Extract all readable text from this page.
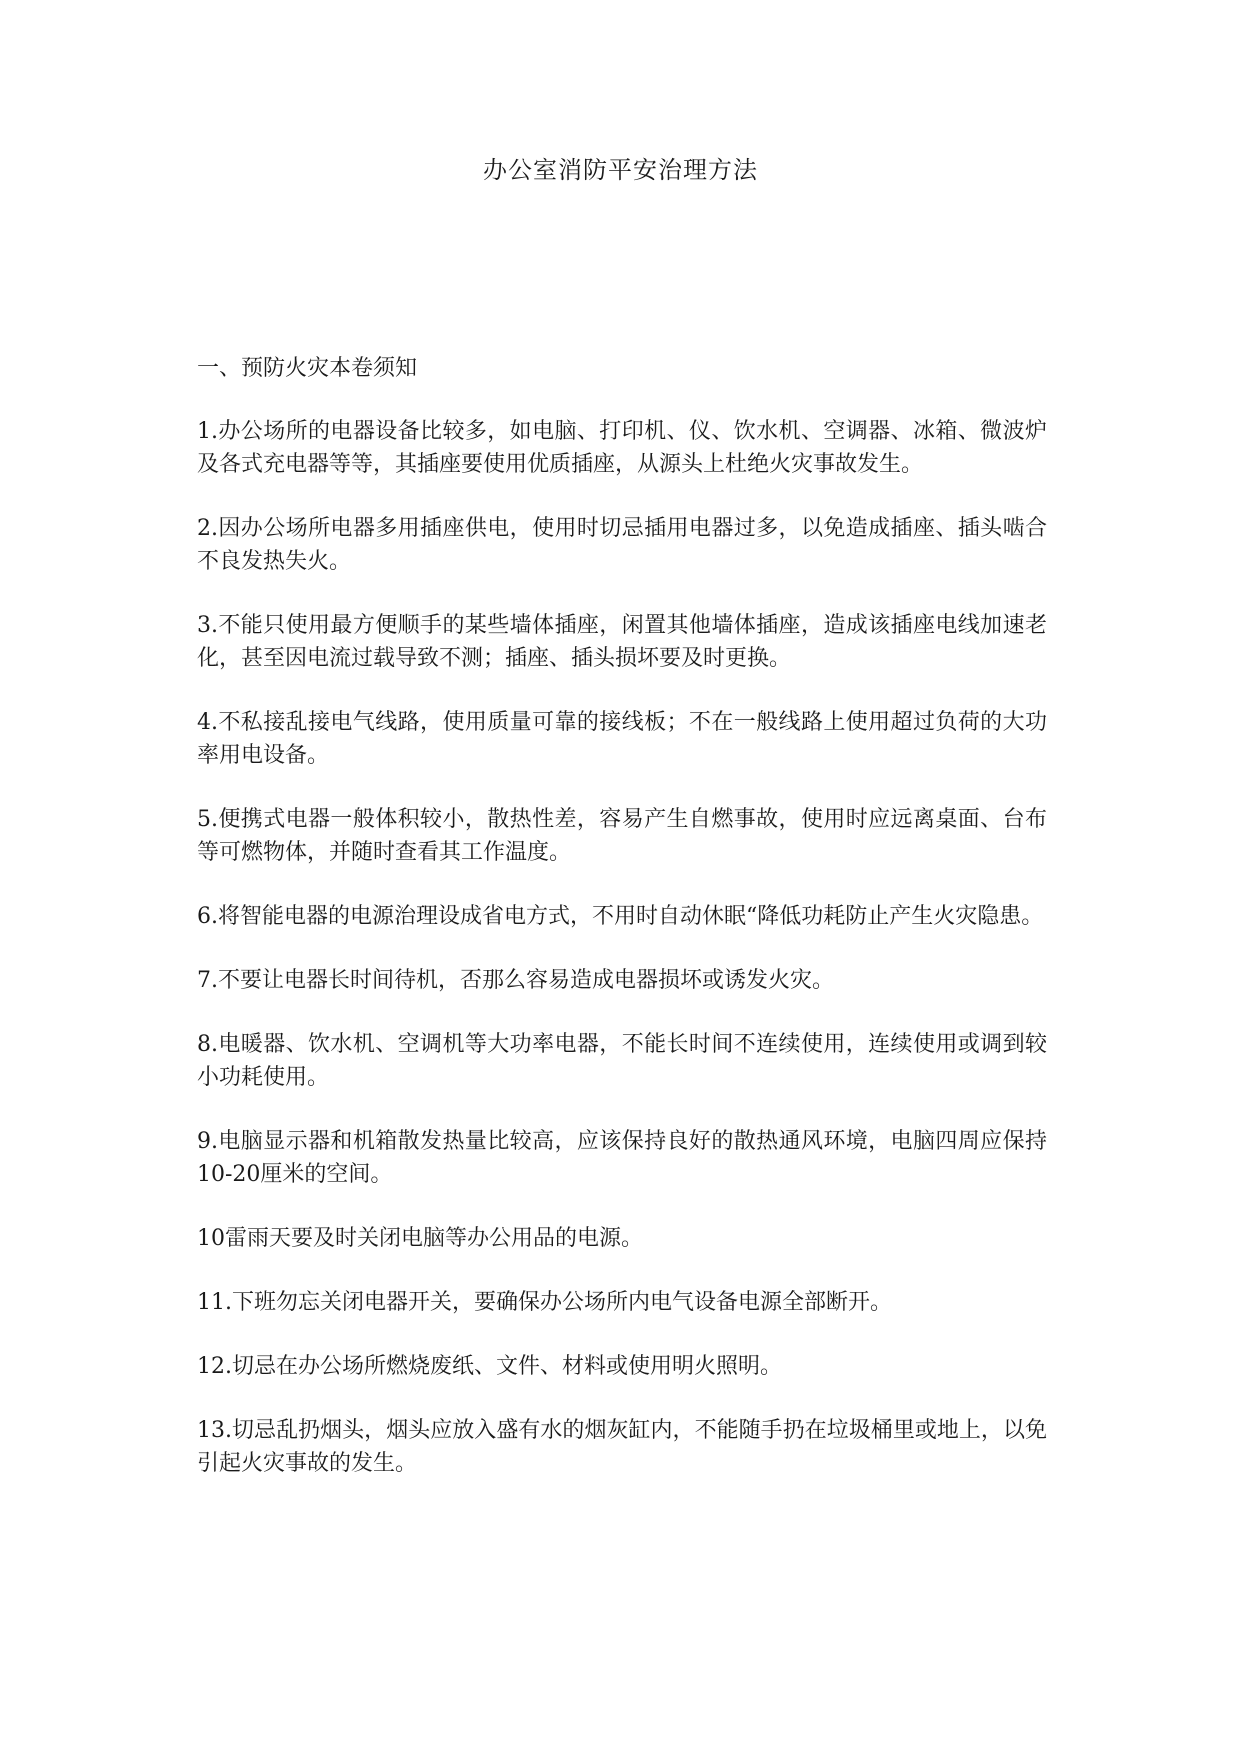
办公室消防平安治理方法

一、预防火灾本卷须知

1.办公场所的电器设备比较多，如电脑、打印机、仪、饮水机、空调器、冰箱、微波炉及各式充电器等等，其插座要使用优质插座，从源头上杜绝火灾事故发生。

2.因办公场所电器多用插座供电，使用时切忌插用电器过多，以免造成插座、插头啮合不良发热失火。

3.不能只使用最方便顺手的某些墙体插座，闲置其他墙体插座，造成该插座电线加速老化，甚至因电流过载导致不测；插座、插头损坏要及时更换。

4.不私接乱接电气线路，使用质量可靠的接线板；不在一般线路上使用超过负荷的大功率用电设备。

5.便携式电器一般体积较小，散热性差，容易产生自燃事故，使用时应远离桌面、台布等可燃物体，并随时查看其工作温度。

6.将智能电器的电源治理设成省电方式，不用时自动休眠“降低功耗防止产生火灾隐患。

7.不要让电器长时间待机，否那么容易造成电器损坏或诱发火灾。

8.电暖器、饮水机、空调机等大功率电器，不能长时间不连续使用，连续使用或调到较小功耗使用。

9.电脑显示器和机箱散发热量比较高，应该保持良好的散热通风环境，电脑四周应保持10-20厘米的空间。

10雷雨天要及时关闭电脑等办公用品的电源。

11.下班勿忘关闭电器开关，要确保办公场所内电气设备电源全部断开。

12.切忌在办公场所燃烧废纸、文件、材料或使用明火照明。

13.切忌乱扔烟头，烟头应放入盛有水的烟灰缸内，不能随手扔在垃圾桶里或地上，以免引起火灾事故的发生。
